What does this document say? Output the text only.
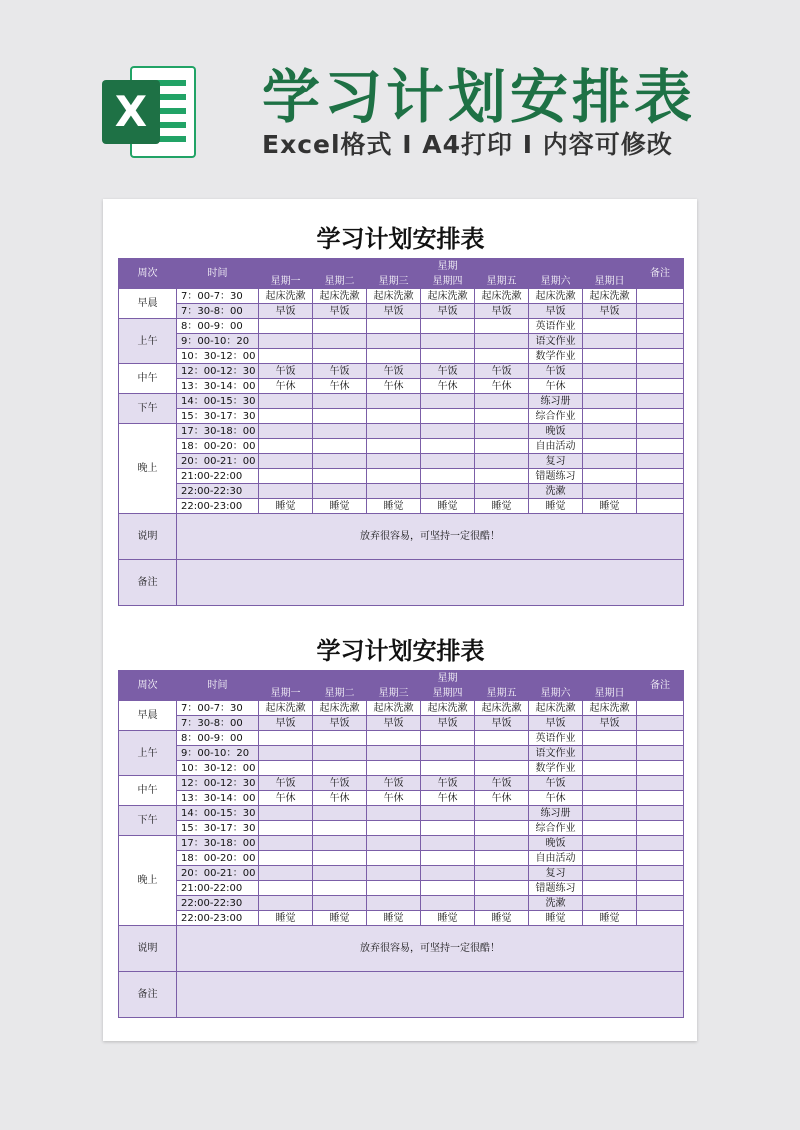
X 学习计划安排表
Excel格式 I A4打印 I 内容可修改
学习计划安排表
周次	时间	星期							备注
		星期一	星期二	星期三	星期四	星期五	星期六	星期日	
早晨	7：00-7：30	起床洗漱	起床洗漱	起床洗漱	起床洗漱	起床洗漱	起床洗漱	起床洗漱	
	7：30-8：00	早饭	早饭	早饭	早饭	早饭	早饭	早饭	
上午	8：00-9：00						英语作业		
	9：00-10：20						语文作业		
	10：30-12：00						数学作业		
中午	12：00-12：30	午饭	午饭	午饭	午饭	午饭	午饭		
	13：30-14：00	午休	午休	午休	午休	午休	午休		
下午	14：00-15：30						练习册		
	15：30-17：30						综合作业		
晚上	17：30-18：00						晚饭		
	18：00-20：00						自由活动		
	20：00-21：00						复习		
	21:00-22:00						错题练习		
	22:00-22:30						洗漱		
	22:00-23:00	睡觉	睡觉	睡觉	睡觉	睡觉	睡觉	睡觉	
说明	放弃很容易，可坚持一定很酷！								
备注									
学习计划安排表
周次	时间	星期							备注
		星期一	星期二	星期三	星期四	星期五	星期六	星期日	
早晨	7：00-7：30	起床洗漱	起床洗漱	起床洗漱	起床洗漱	起床洗漱	起床洗漱	起床洗漱	
	7：30-8：00	早饭	早饭	早饭	早饭	早饭	早饭	早饭	
上午	8：00-9：00						英语作业		
	9：00-10：20						语文作业		
	10：30-12：00						数学作业		
中午	12：00-12：30	午饭	午饭	午饭	午饭	午饭	午饭		
	13：30-14：00	午休	午休	午休	午休	午休	午休		
下午	14：00-15：30						练习册		
	15：30-17：30						综合作业		
晚上	17：30-18：00						晚饭		
	18：00-20：00						自由活动		
	20：00-21：00						复习		
	21:00-22:00						错题练习		
	22:00-22:30						洗漱		
	22:00-23:00	睡觉	睡觉	睡觉	睡觉	睡觉	睡觉	睡觉	
说明	放弃很容易，可坚持一定很酷！								
备注									
